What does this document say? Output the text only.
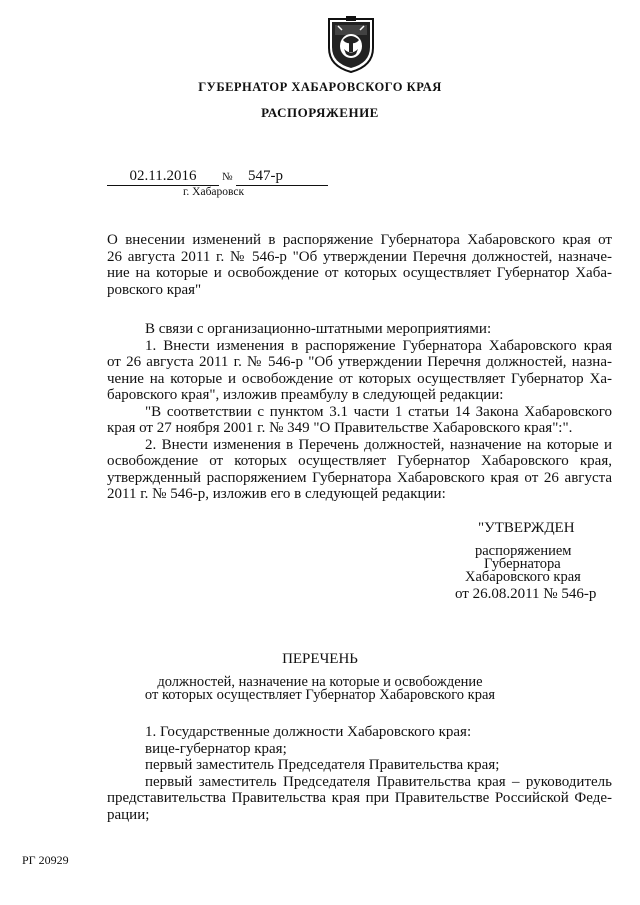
ГУБЕРНАТОР ХАБАРОВСКОГО КРАЯ
РАСПОРЯЖЕНИЕ
02.11.2016	№	547-р
г. Хабаровск
О внесении изменений в распоряжение Губернатора Хабаровского края от
26 августа 2011 г. № 546-р "Об утверждении Перечня должностей, назначе-
ние на которые и освобождение от которых осуществляет Губернатор Хаба-
ровского края"
В связи с организационно-штатными мероприятиями:
1. Внести изменения в распоряжение Губернатора Хабаровского края
от 26 августа 2011 г. № 546-р "Об утверждении Перечня должностей, назна-
чение на которые и освобождение от которых осуществляет Губернатор Ха-
баровского края", изложив преамбулу в следующей редакции:
"В соответствии с пунктом 3.1 части 1 статьи 14 Закона Хабаровского
края от 27 ноября 2001 г. № 349 "О Правительстве Хабаровского края":".
2. Внести изменения в Перечень должностей, назначение на которые и
освобождение от которых осуществляет Губернатор Хабаровского края,
утвержденный распоряжением Губернатора Хабаровского края от 26 августа
2011 г. № 546-р, изложив его в следующей редакции:
"УТВЕРЖДЕН
распоряжением
Губернатора
Хабаровского края
от 26.08.2011 № 546-р
ПЕРЕЧЕНЬ
должностей, назначение на которые и освобождение
от которых осуществляет Губернатор Хабаровского края
1. Государственные должности Хабаровского края:
вице-губернатор края;
первый заместитель Председателя Правительства края;
первый заместитель Председателя Правительства края – руководитель
представительства Правительства края при Правительстве Российской Феде-
рации;
РГ 20929
